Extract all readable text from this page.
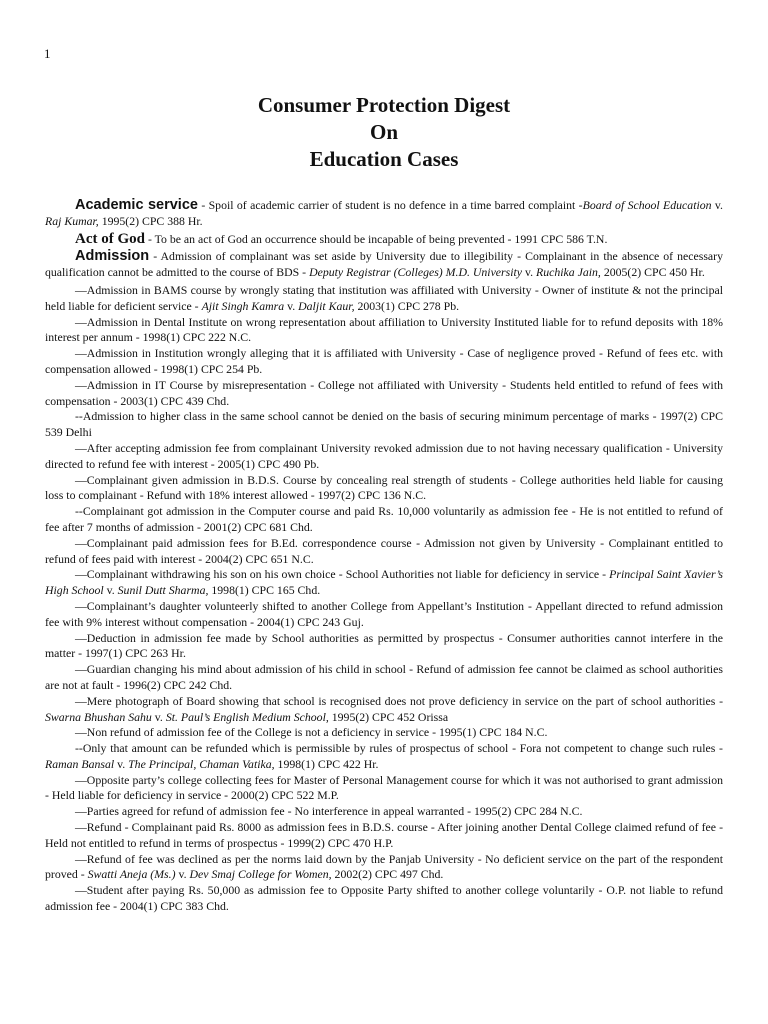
1
Consumer Protection Digest
On
Education Cases

Academic service - Spoil of academic carrier of student is no defence in a time barred complaint -Board of School Education v. Raj Kumar, 1995(2) CPC 388 Hr.

Act of God - To be an act of God an occurrence should be incapable of being prevented - 1991 CPC 586 T.N.

Admission - Admission of complainant was set aside by University due to illegibility - Complainant in the absence of necessary qualification cannot be admitted to the course of BDS - Deputy Registrar (Colleges) M.D. University v. Ruchika Jain, 2005(2) CPC 450 Hr.

—Admission in BAMS course by wrongly stating that institution was affiliated with University - Owner of institute & not the principal held liable for deficient service - Ajit Singh Kamra v. Daljit Kaur, 2003(1) CPC 278 Pb.

—Admission in Dental Institute on wrong representation about affiliation to University Instituted liable for to refund deposits with 18% interest per annum - 1998(1) CPC 222 N.C.

—Admission in Institution wrongly alleging that it is affiliated with University - Case of negligence proved - Refund of fees etc. with compensation allowed - 1998(1) CPC 254 Pb.

—Admission in IT Course by misrepresentation - College not affiliated with University - Students held entitled to refund of fees with compensation - 2003(1) CPC 439 Chd.

--Admission to higher class in the same school cannot be denied on the basis of securing minimum percentage of marks - 1997(2) CPC 539 Delhi

—After accepting admission fee from complainant University revoked admission due to not having necessary qualification - University directed to refund fee with interest - 2005(1) CPC 490 Pb.

—Complainant given admission in B.D.S. Course by concealing real strength of students - College authorities held liable for causing loss to complainant - Refund with 18% interest allowed - 1997(2) CPC 136 N.C.

--Complainant got admission in the Computer course and paid Rs. 10,000 voluntarily as admission fee - He is not entitled to refund of fee after 7 months of admission - 2001(2) CPC 681 Chd.

—Complainant paid admission fees for B.Ed. correspondence course - Admission not given by University - Complainant entitled to refund of fees paid with interest - 2004(2) CPC 651 N.C.

—Complainant withdrawing his son on his own choice - School Authorities not liable for deficiency in service - Principal Saint Xavier’s High School v. Sunil Dutt Sharma, 1998(1) CPC 165 Chd.

—Complainant’s daughter volunteerly shifted to another College from Appellant’s Institution - Appellant directed to refund admission fee with 9% interest without compensation - 2004(1) CPC 243 Guj.

—Deduction in admission fee made by School authorities as permitted by prospectus - Consumer authorities cannot interfere in the matter - 1997(1) CPC 263 Hr.

—Guardian changing his mind about admission of his child in school - Refund of admission fee cannot be claimed as school authorities are not at fault - 1996(2) CPC 242 Chd.

—Mere photograph of Board showing that school is recognised does not prove deficiency in service on the part of school authorities - Swarna Bhushan Sahu v. St. Paul’s English Medium School, 1995(2) CPC 452 Orissa

—Non refund of admission fee of the College is not a deficiency in service - 1995(1) CPC 184 N.C.

--Only that amount can be refunded which is permissible by rules of prospectus of school - Fora not competent to change such rules - Raman Bansal v. The Principal, Chaman Vatika, 1998(1) CPC 422 Hr.

—Opposite party’s college collecting fees for Master of Personal Management course for which it was not authorised to grant admission - Held liable for deficiency in service - 2000(2) CPC 522 M.P.

—Parties agreed for refund of admission fee - No interference in appeal warranted - 1995(2) CPC 284 N.C.

—Refund - Complainant paid Rs. 8000 as admission fees in B.D.S. course - After joining another Dental College claimed refund of fee - Held not entitled to refund in terms of prospectus - 1999(2) CPC 470 H.P.

—Refund of fee was declined as per the norms laid down by the Panjab University - No deficient service on the part of the respondent proved - Swatti Aneja (Ms.) v. Dev Smaj College for Women, 2002(2) CPC 497 Chd.

—Student after paying Rs. 50,000 as admission fee to Opposite Party shifted to another college voluntarily - O.P. not liable to refund admission fee - 2004(1) CPC 383 Chd.
